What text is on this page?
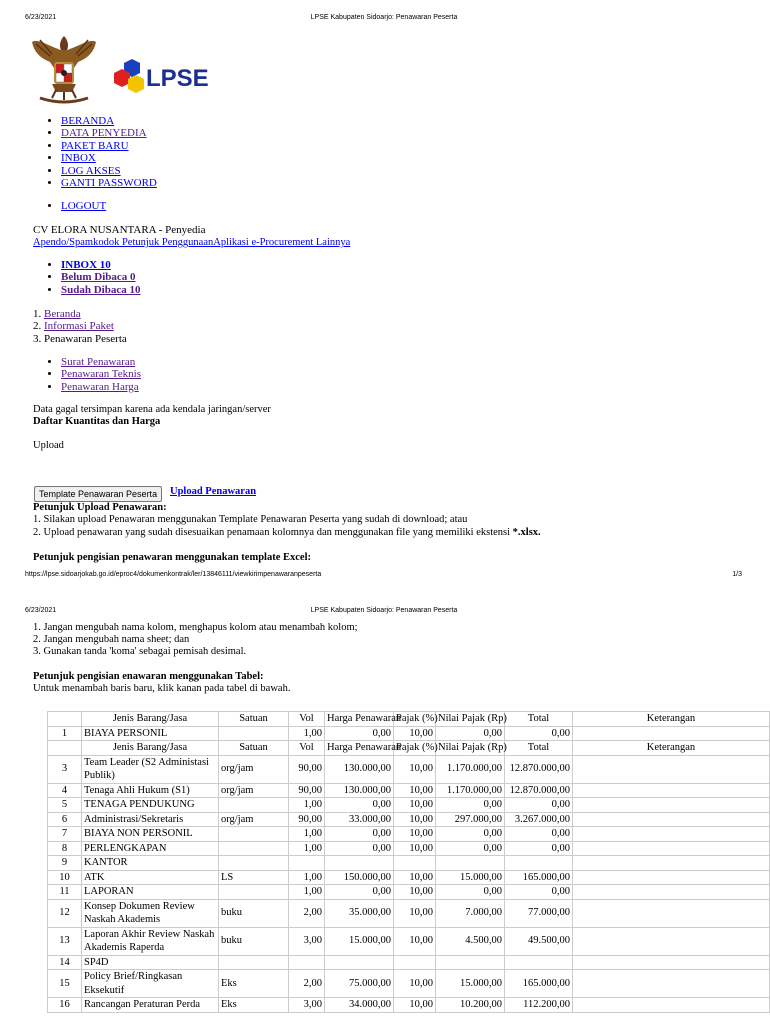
6/23/2021	LPSE Kabupaten Sidoarjo: Penawaran Peserta
LPSE
• BERANDA
• DATA PENYEDIA
• PAKET BARU
• INBOX
• LOG AKSES
• GANTI PASSWORD
• LOGOUT
CV ELORA NUSANTARA - Penyedia
Apendo/Spamkodok Petunjuk PenggunaanAplikasi e-Procurement Lainnya
• INBOX 10
• Belum Dibaca 0
• Sudah Dibaca 10
1. Beranda
2. Informasi Paket
3. Penawaran Peserta
• Surat Penawaran
• Penawaran Teknis
• Penawaran Harga
Data gagal tersimpan karena ada kendala jaringan/server
Daftar Kuantitas dan Harga
Upload
Template Penawaran Peserta	Upload Penawaran
Petunjuk Upload Penawaran:
1. Silakan upload Penawaran menggunakan Template Penawaran Peserta yang sudah di download; atau
2. Upload penawaran yang sudah disesuaikan penamaan kolomnya dan menggunakan file yang memiliki ekstensi *.xlsx.
Petunjuk pengisian penawaran menggunakan template Excel:
https://lpse.sidoarjokab.go.id/eproc4/dokumenkontrak/ler/13846111/viewkirimpenawaranpeserta	1/3
6/23/2021	LPSE Kabupaten Sidoarjo: Penawaran Peserta
1. Jangan mengubah nama kolom, menghapus kolom atau menambah kolom;
2. Jangan mengubah nama sheet; dan
3. Gunakan tanda 'koma' sebagai pemisah desimal.
Petunjuk pengisian enawaran menggunakan Tabel:
Untuk menambah baris baru, klik kanan pada tabel di bawah.
	Jenis Barang/Jasa	Satuan	Vol	Harga Penawaran	Pajak (%)	Nilai Pajak (Rp)	Total	Keterangan
1	BIAYA PERSONIL		1,00	0,00	10,00	0,00	0,00	
	Jenis Barang/Jasa	Satuan	Vol	Harga Penawaran	Pajak (%)	Nilai Pajak (Rp)	Total	Keterangan
3	Team Leader (S2 Administasi Publik)	org/jam	90,00	130.000,00	10,00	1.170.000,00	12.870.000,00	
4	Tenaga Ahli Hukum (S1)	org/jam	90,00	130.000,00	10,00	1.170.000,00	12.870.000,00	
5	TENAGA PENDUKUNG		1,00	0,00	10,00	0,00	0,00	
6	Administrasi/Sekretaris	org/jam	90,00	33.000,00	10,00	297.000,00	3.267.000,00	
7	BIAYA NON PERSONIL		1,00	0,00	10,00	0,00	0,00	
8	PERLENGKAPAN		1,00	0,00	10,00	0,00	0,00	
9	KANTOR							
10	ATK	LS	1,00	150.000,00	10,00	15.000,00	165.000,00	
11	LAPORAN		1,00	0,00	10,00	0,00	0,00	
12	Konsep Dokumen Review Naskah Akademis	buku	2,00	35.000,00	10,00	7.000,00	77.000,00	
13	Laporan Akhir Review Naskah Akademis Raperda	buku	3,00	15.000,00	10,00	4.500,00	49.500,00	
14	SP4D							
15	Policy Brief/Ringkasan Eksekutif	Eks	2,00	75.000,00	10,00	15.000,00	165.000,00	
16	Rancangan Peraturan Perda	Eks	3,00	34.000,00	10,00	10.200,00	112.200,00	
